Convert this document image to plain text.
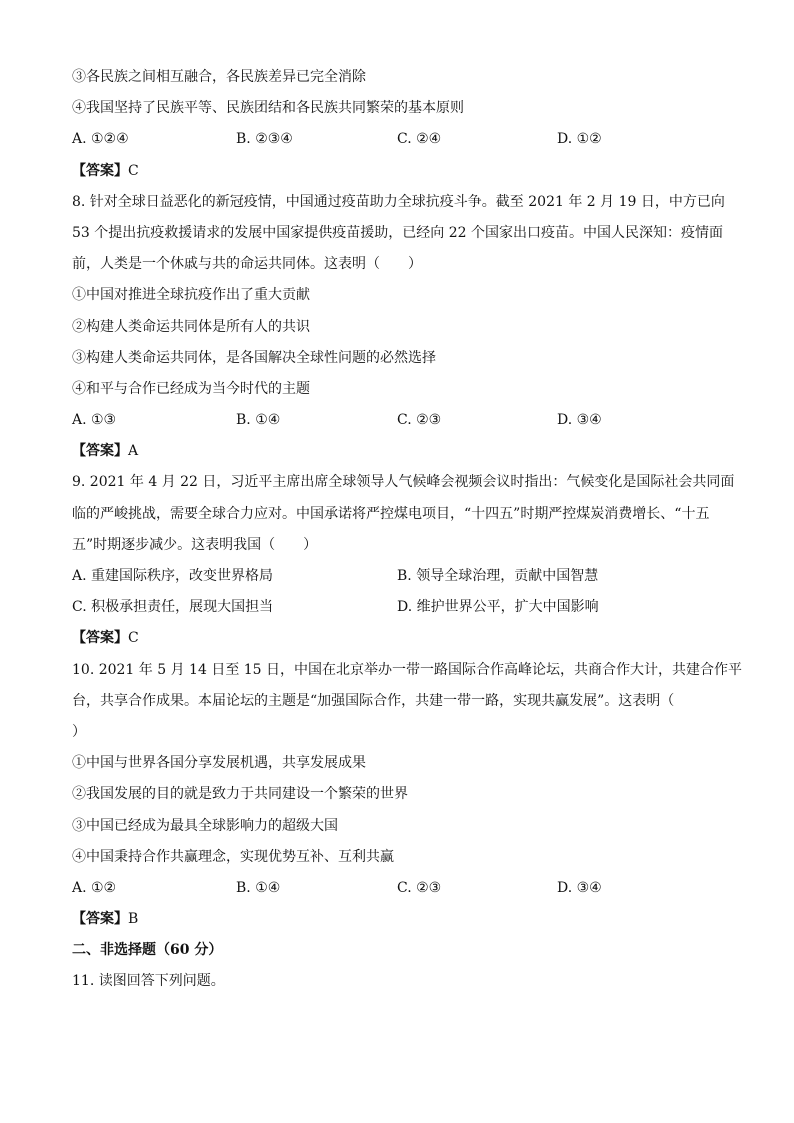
③各民族之间相互融合，各民族差异已完全消除
④我国坚持了民族平等、民族团结和各民族共同繁荣的基本原则
A. ①②④	B. ②③④	C. ②④	D. ①②
【答案】C
8. 针对全球日益恶化的新冠疫情，中国通过疫苗助力全球抗疫斗争。截至 2021 年 2 月 19 日，中方已向
53 个提出抗疫救援请求的发展中国家提供疫苗援助，已经向 22 个国家出口疫苗。中国人民深知：疫情面
前，人类是一个休戚与共的命运共同体。这表明（　　）
①中国对推进全球抗疫作出了重大贡献
②构建人类命运共同体是所有人的共识
③构建人类命运共同体，是各国解决全球性问题的必然选择
④和平与合作已经成为当今时代的主题
A. ①③	B. ①④	C. ②③	D. ③④
【答案】A
9. 2021 年 4 月 22 日，习近平主席出席全球领导人气候峰会视频会议时指出：气候变化是国际社会共同面
临的严峻挑战，需要全球合力应对。中国承诺将严控煤电项目，“十四五”时期严控煤炭消费增长、“十五
五”时期逐步减少。这表明我国（　　）
A. 重建国际秩序，改变世界格局	B. 领导全球治理，贡献中国智慧
C. 积极承担责任，展现大国担当	D. 维护世界公平，扩大中国影响
【答案】C
10. 2021 年 5 月 14 日至 15 日，中国在北京举办一带一路国际合作高峰论坛，共商合作大计，共建合作平
台，共享合作成果。本届论坛的主题是“加强国际合作，共建一带一路，实现共赢发展”。这表明（
）
①中国与世界各国分享发展机遇，共享发展成果
②我国发展的目的就是致力于共同建设一个繁荣的世界
③中国已经成为最具全球影响力的超级大国
④中国秉持合作共赢理念，实现优势互补、互利共赢
A. ①②	B. ①④	C. ②③	D. ③④
【答案】B
二、非选择题（60 分）
11. 读图回答下列问题。
